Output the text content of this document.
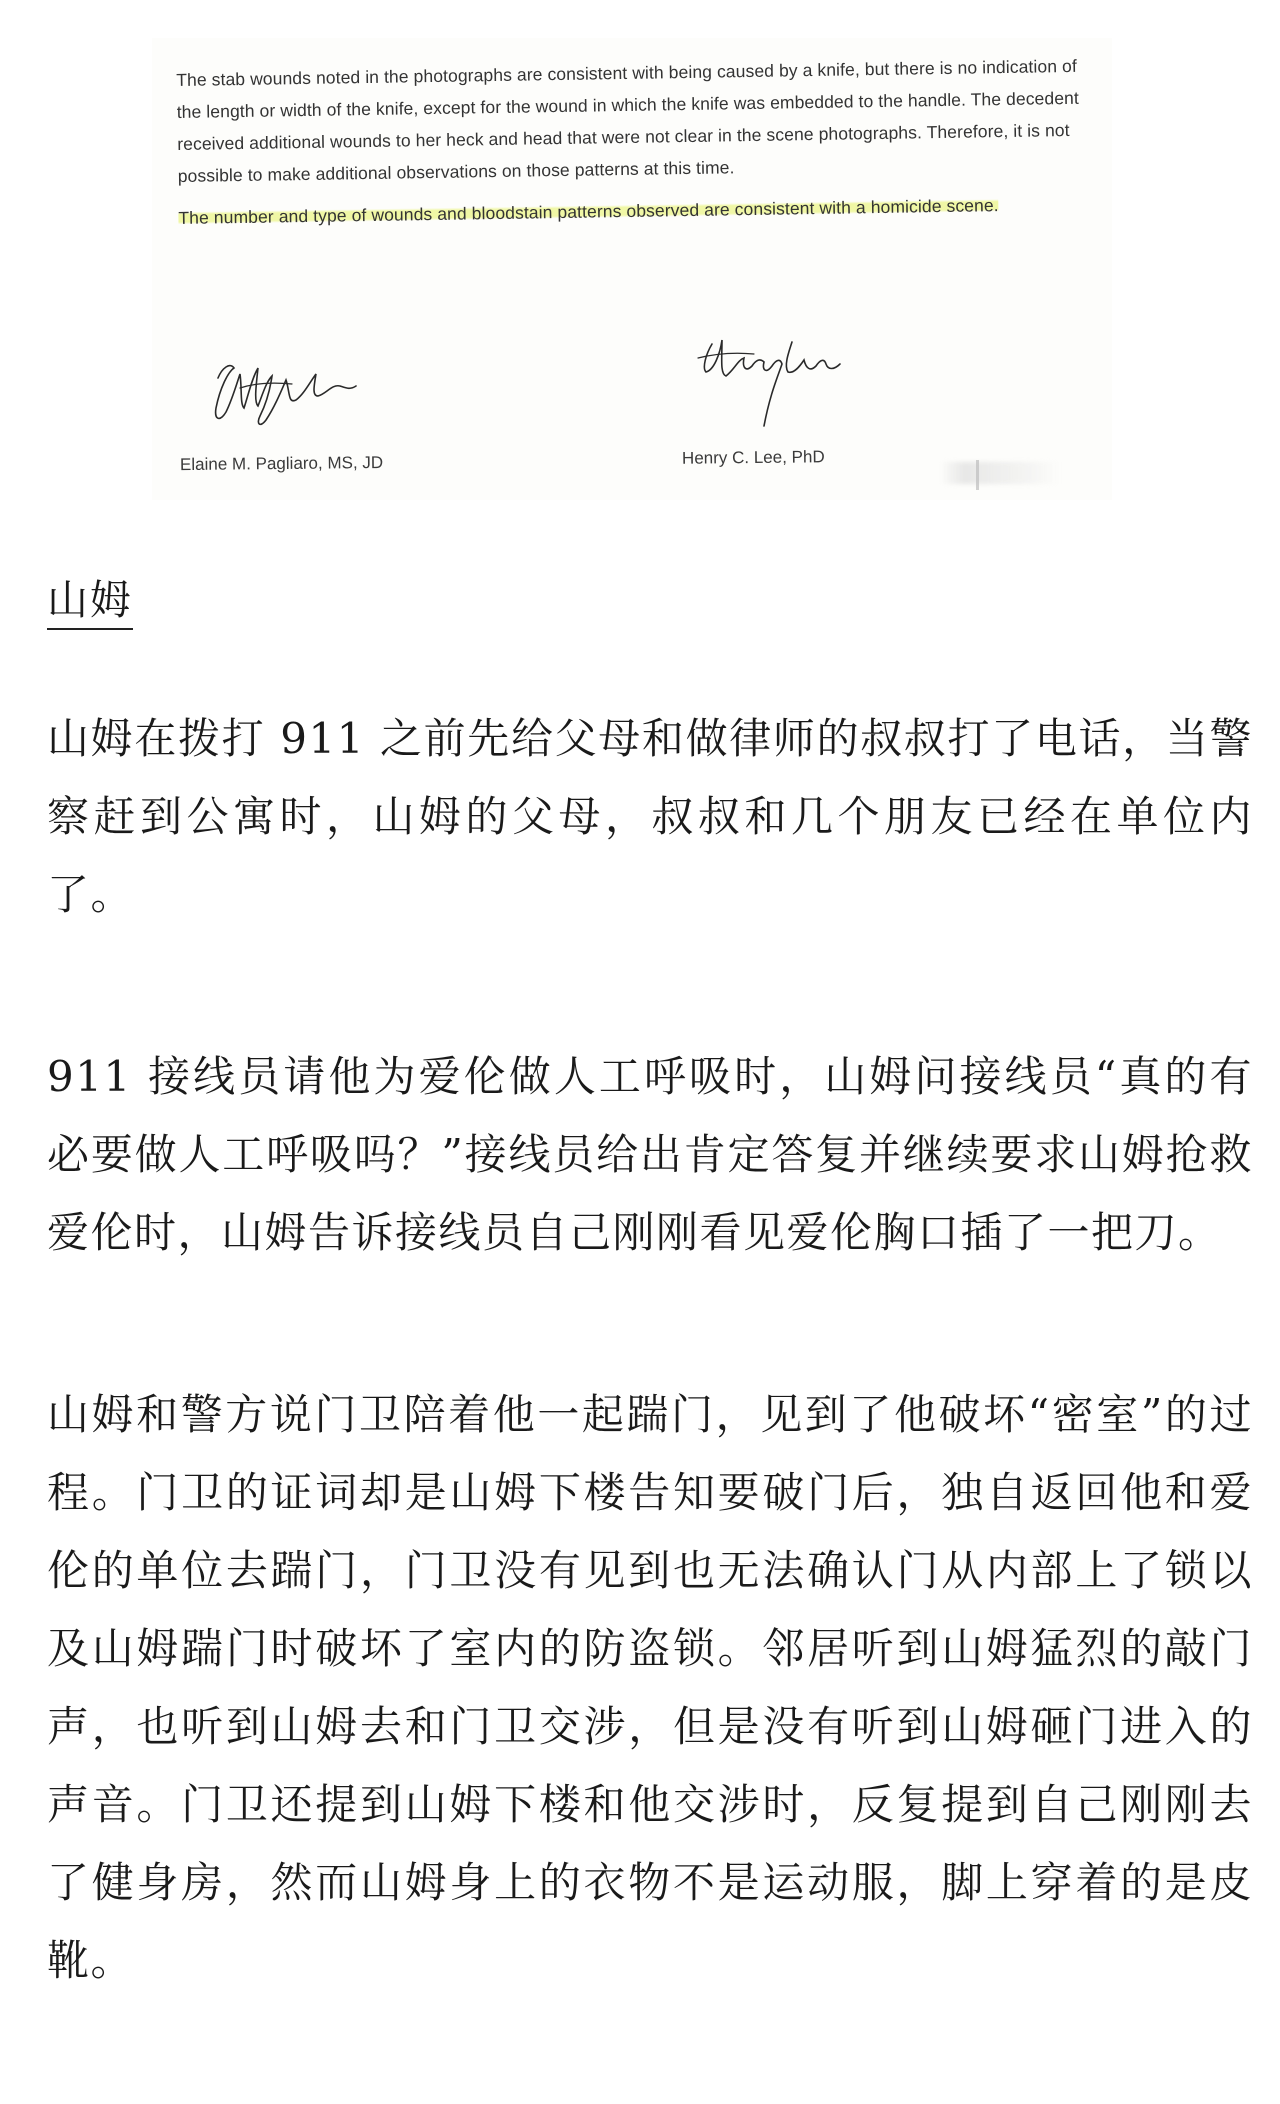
The stab wounds noted in the photographs are consistent with being caused by a knife, but there is no indication of the length or width of the knife, except for the wound in which the knife was embedded to the handle. The decedent received additional wounds to her heck and head that were not clear in the scene photographs. Therefore, it is not possible to make additional observations on those patterns at this time.

The number and type of wounds and bloodstain patterns observed are consistent with a homicide scene.

Elaine M. Pagliaro, MS, JD	Henry C. Lee, PhD
山姆

山姆在拨打 911 之前先给父母和做律师的叔叔打了电话，当警察赶到公寓时，山姆的父母，叔叔和几个朋友已经在单位内了。

911 接线员请他为爱伦做人工呼吸时，山姆问接线员“真的有必要做人工呼吸吗？”接线员给出肯定答复并继续要求山姆抢救爱伦时，山姆告诉接线员自己刚刚看见爱伦胸口插了一把刀。

山姆和警方说门卫陪着他一起踹门，见到了他破坏“密室”的过程。门卫的证词却是山姆下楼告知要破门后，独自返回他和爱伦的单位去踹门，门卫没有见到也无法确认门从内部上了锁以及山姆踹门时破坏了室内的防盗锁。邻居听到山姆猛烈的敲门声，也听到山姆去和门卫交涉，但是没有听到山姆砸门进入的声音。门卫还提到山姆下楼和他交涉时，反复提到自己刚刚去了健身房，然而山姆身上的衣物不是运动服，脚上穿着的是皮靴。
